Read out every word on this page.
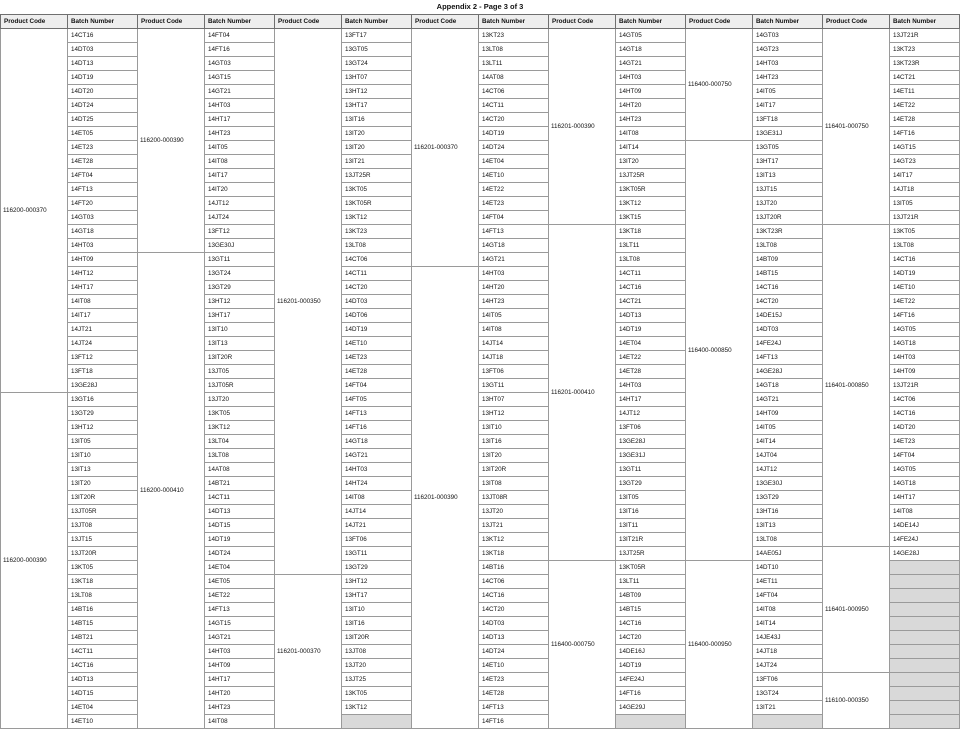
Appendix 2 - Page 3 of 3
Product Code	Batch Number	Product Code	Batch Number	Product Code	Batch Number	Product Code	Batch Number	Product Code	Batch Number	Product Code	Batch Number	Product Code	Batch Number
116200-000370	14CT16	116200-000390	14FT04	116201-000350	13FT17	116201-000370	13KT23	116201-000390	14GT05	116400-000750	14GT03	116401-000750	13JT21R
	14DT03		14FT16		13GT05		13LT08		14GT18		14GT23		13KT23
	14DT13		14GT03		13GT24		13LT11		14GT21		14HT03		13KT23R
	14DT19		14GT15		13HT07		14AT08		14HT03		14HT23		14CT21
	14DT20		14GT21		13HT12		14CT06		14HT09		14IT05		14ET11
	14DT24		14HT03		13HT17		14CT11		14HT20		14IT17		14ET22
	14DT25		14HT17		13IT16		14CT20		14HT23		13FT18		14ET28
	14ET05		14HT23		13IT20		14DT19		14IT08		13GE31J		14FT16
	14ET23		14IT05		13IT20		14DT24		14IT14	116400-000850	13GT05		14GT15
	14ET28		14IT08		13IT21		14ET04		13IT20		13HT17		14GT23
	14FT04		14IT17		13JT25R		14ET10		13JT25R		13IT13		14IT17
	14FT13		14IT20		13KT05		14ET22		13KT05R		13JT15		14JT18
	14FT20		14JT12		13KT05R		14ET23		13KT12		13JT20		13IT05
	14GT03		14JT24		13KT12		14FT04		13KT15		13JT20R		13JT21R
	14GT18		13FT12		13KT23		14FT13	116201-000410	13KT18		13KT23R	116401-000850	13KT05
	14HT03		13GE30J		13LT08		14GT18		13LT11		13LT08		13LT08
	14HT09	116200-000410	13GT11		14CT06		14GT21		13LT08		14BT09		14CT16
	14HT12		13GT24		14CT11	116201-000390	14HT03		14CT11		14BT15		14DT19
	14HT17		13GT29		14CT20		14HT20		14CT16		14CT16		14ET10
	14IT08		13HT12		14DT03		14HT23		14CT21		14CT20		14ET22
	14IT17		13HT17		14DT06		14IT05		14DT13		14DE15J		14FT16
	14JT21		13IT10		14DT19		14IT08		14DT19		14DT03		14GT05
	14JT24		13IT13		14ET10		14JT14		14ET04		14FE24J		14GT18
	13FT12		13IT20R		14ET23		14JT18		14ET22		14FT13		14HT03
	13FT18		13JT05		14ET28		13FT06		14ET28		14GE28J		14HT09
	13GE28J		13JT05R		14FT04		13GT11		14HT03		14GT18		13JT21R
116200-000390	13GT16		13JT20		14FT05		13HT07		14HT17		14GT21		14CT06
	13GT29		13KT05		14FT13		13HT12		14JT12		14HT09		14CT16
	13HT12		13KT12		14FT16		13IT10		13FT06		14IT05		14DT20
	13IT05		13LT04		14GT18		13IT16		13GE28J		14IT14		14ET23
	13IT10		13LT08		14GT21		13IT20		13GE31J		14JT04		14FT04
	13IT13		14AT08		14HT03		13IT20R		13GT11		14JT12		14GT05
	13IT20		14BT21		14HT24		13IT08		13GT29		13GE30J		14GT18
	13IT20R		14CT11		14IT08		13JT08R		13IT05		13GT29		14HT17
	13JT05R		14DT13		14JT14		13JT20		13IT16		13HT16		14IT08
	13JT08		14DT15		14JT21		13JT21		13IT11		13IT13		14DE14J
	13JT15		14DT19		13FT06		13KT12		13IT21R		13LT08		14FE24J
	13JT20R		14DT24		13GT11		13KT18		13JT25R		14AE05J	116401-000950	14GE28J
	13KT05		14ET04		13GT29		14BT16	116400-000750	13KT05R	116400-000950	14DT10		
	13KT18		14ET05	116201-000370	13HT12		14CT06		13LT11		14ET11		
	13LT08		14ET22		13HT17		14CT16		14BT09		14FT04		
	14BT16		14FT13		13IT10		14CT20		14BT15		14IT08		
	14BT15		14GT15		13IT16		14DT03		14CT16		14IT14		
	14BT21		14GT21		13IT20R		14DT13		14CT20		14JE43J		
	14CT11		14HT03		13JT08		14DT24		14DE16J		14JT18		
	14CT16		14HT09		13JT20		14ET10		14DT19		14JT24		
	14DT13		14HT17		13JT25		14ET23		14FE24J		13FT06	116100-000350	
	14DT15		14HT20		13KT05		14ET28		14FT16		13GT24		
	14ET04		14HT23		13KT12		14FT13		14GE29J		13IT21		
	14ET10		14IT08				14FT16						
